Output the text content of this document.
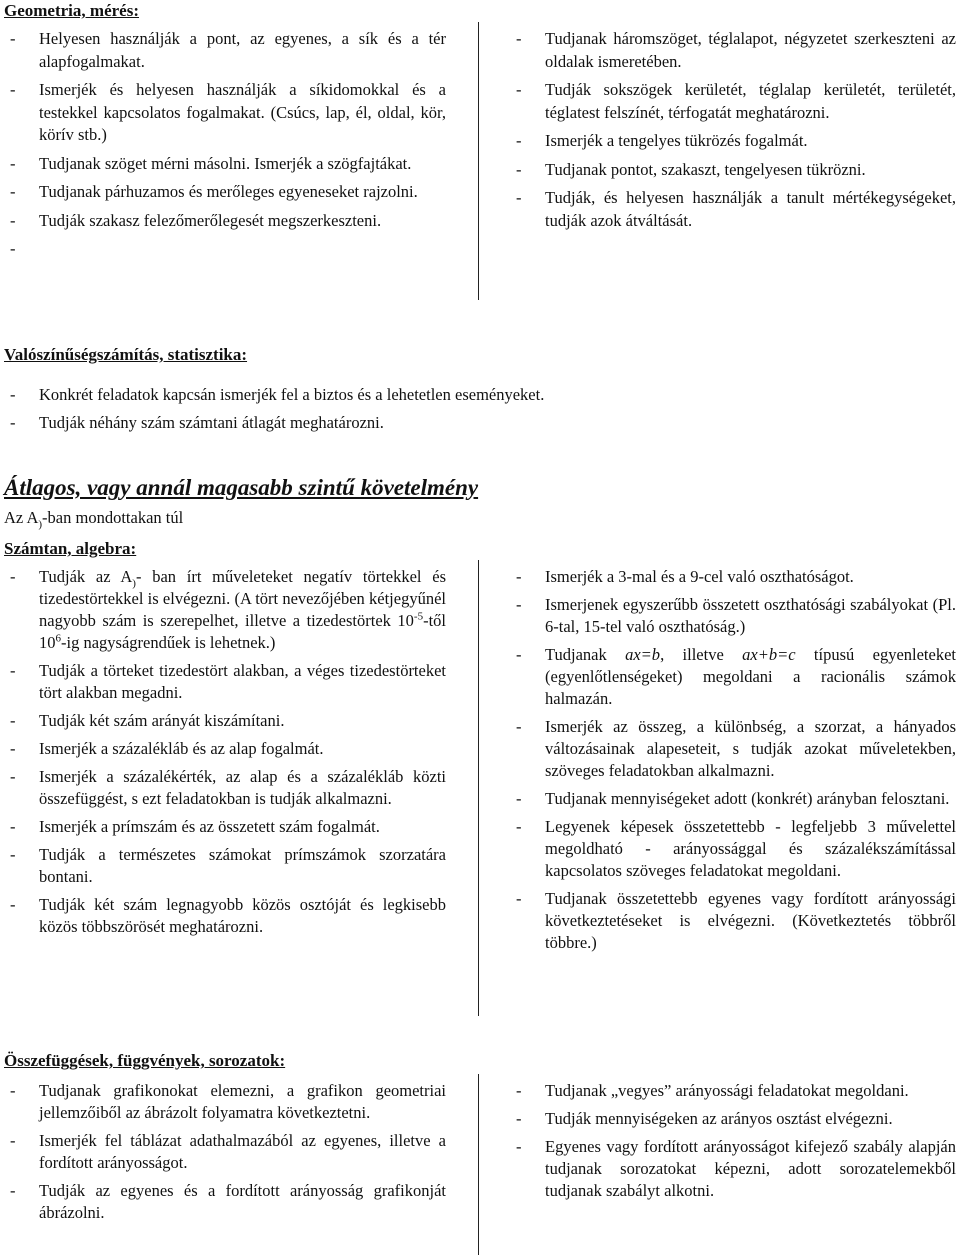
Geometria, mérés:
- Helyesen használják a pont, az egyenes, a sík és a tér alapfogalmakat.
- Ismerjék és helyesen használják a síkidomokkal és a testekkel kapcsolatos fogalmakat. (Csúcs, lap, él, oldal, kör, körív stb.)
- Tudjanak szöget mérni másolni. Ismerjék a szögfajtákat.
- Tudjanak párhuzamos és merőleges egyeneseket rajzolni.
- Tudják szakasz felezőmerőlegesét megszerkeszteni.
- Tudjanak háromszöget, téglalapot, négyzetet szerkeszteni az oldalak ismeretében.
- Tudják sokszögek kerületét, téglalap kerületét, területét, téglatest felszínét, térfogatát meghatározni.
- Ismerjék a tengelyes tükrözés fogalmát.
- Tudjanak pontot, szakaszt, tengelyesen tükrözni.
- Tudják, és helyesen használják a tanult mértékegységeket, tudják azok átváltását.
Valószínűségszámítás, statisztika:
- Konkrét feladatok kapcsán ismerjék fel a biztos és a lehetetlen eseményeket.
- Tudják néhány szám számtani átlagát meghatározni.
Átlagos, vagy annál magasabb szintű követelmény
Az $A_)$-ban mondottakan túl
Számtan, algebra:
- Tudják az $A_)-$ ban írt műveleteket negatív törtekkel és tizedestörtekkel is elvégezni. (A tört nevezőjében kétjegyűnél nagyobb szám is szerepelhet, illetve a tizedestörtek $10^{-5}$-től $10^6-ig$ nagyságrendűek is lehetnek.)
- Tudják a törteket tizedestört alakban, a véges tizedestörteket tört alakban megadni.
- Tudják két szám arányát kiszámítani.
- Ismerjék a százalékláb és az alap fogalmát.
- Ismerjék a százalékérték, az alap és a százalékláb közti összefüggést, s ezt feladatokban is tudják alkalmazni.
- Ismerjék a prímszám és az összetett szám fogalmát.
- Tudják a természetes számokat prímszámok szorzatára bontani.
- Tudják két szám legnagyobb közös osztóját és legkisebb közös többszörösét meghatározni.
- Ismerjék a 3-mal és a 9-cel való oszthatóságot.
- Ismerjenek egyszerűbb összetett oszthatósági szabályokat (Pl. 6-tal, 15-tel való oszthatóság.)
- Tudjanak ax=b, illetve ax+b=c típusú egyenleteket (egyenlőtlenségeket) megoldani a racionális számok halmazán.
- Ismerjék az összeg, a különbség, a szorzat, a hányados változásainak alapeseteit, s tudják azokat műveletekben, szöveges feladatokban alkalmazni.
- Tudjanak mennyiségeket adott (konkrét) arányban felosztani.
- Legyenek képesek összetettebb - legfeljebb 3 művelettel megoldható - arányossággal és százalékszámítással kapcsolatos szöveges feladatokat megoldani.
- Tudjanak összetettebb egyenes vagy fordított arányossági következtetéseket is elvégezni. (Következtetés többről többre.)
Összefüggések, függvények, sorozatok:
- Tudjanak grafikonokat elemezni, a grafikon geometriai jellemzőiből az ábrázolt folyamatra következtetni.
- Ismerjék fel táblázat adathalmazából az egyenes, illetve a fordított arányosságot.
- Tudják az egyenes és a fordított arányosság grafikonját ábrázolni.
- Tudjanak „vegyes” arányossági feladatokat megoldani.
- Tudják mennyiségeken az arányos osztást elvégezni.
- Egyenes vagy fordított arányosságot kifejező szabály alapján tudjanak sorozatokat képezni, adott sorozatelemekből tudjanak szabályt alkotni.
